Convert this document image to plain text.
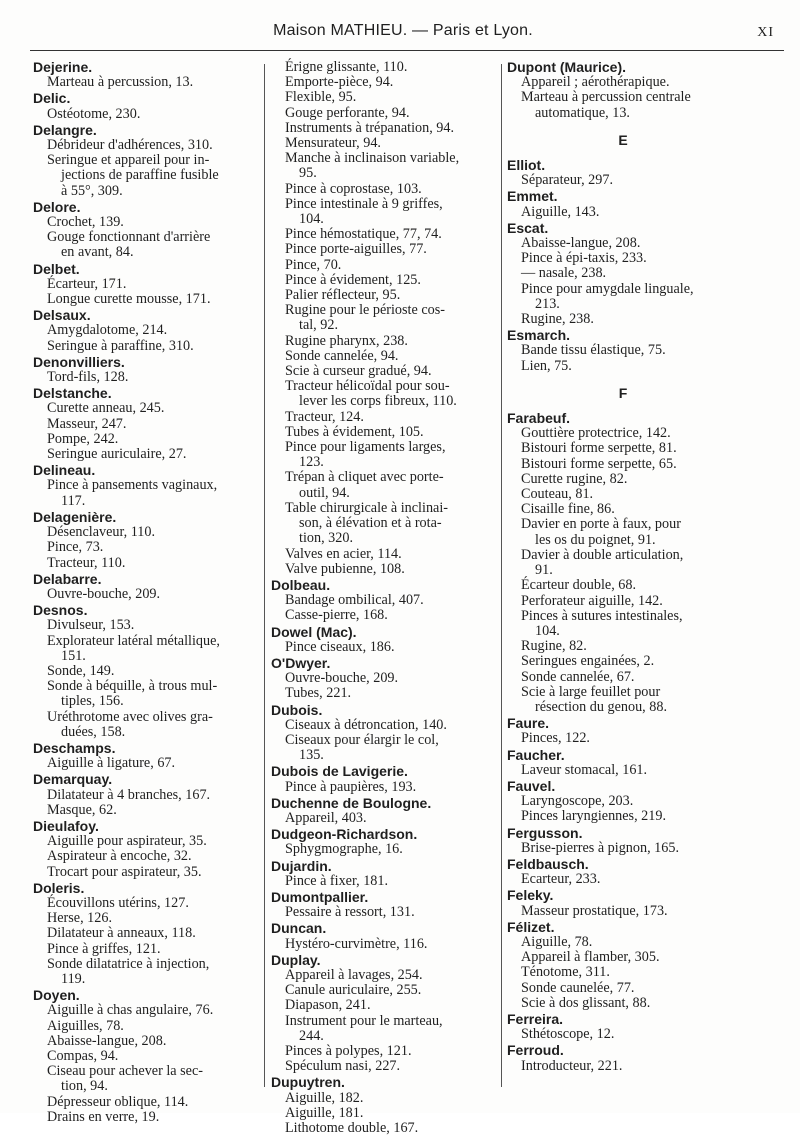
Maison MATHIEU. — Paris et Lyon.	XI
Dejerine.
Marteau à percussion, 13.
Delic.
Ostéotome, 230.
Delangre.
Débrideur d'adhérences, 310.
Seringue et appareil pour in-
jections de paraffine fusible
à 55°, 309.
Delore.
Crochet, 139.
Gouge fonctionnant d'arrière
en avant, 84.
Delbet.
Écarteur, 171.
Longue curette mousse, 171.
Delsaux.
Amygdalotome, 214.
Seringue à paraffine, 310.
Denonvilliers.
Tord-fils, 128.
Delstanche.
Curette anneau, 245.
Masseur, 247.
Pompe, 242.
Seringue auriculaire, 27.
Delineau.
Pince à pansements vaginaux,
117.
Delagenière.
Désenclaveur, 110.
Pince, 73.
Tracteur, 110.
Delabarre.
Ouvre-bouche, 209.
Desnos.
Divulseur, 153.
Explorateur latéral métallique,
151.
Sonde, 149.
Sonde à béquille, à trous mul-
tiples, 156.
Uréthrotome avec olives gra-
duées, 158.
Deschamps.
Aiguille à ligature, 67.
Demarquay.
Dilatateur à 4 branches, 167.
Masque, 62.
Dieulafoy.
Aiguille pour aspirateur, 35.
Aspirateur à encoche, 32.
Trocart pour aspirateur, 35.
Doleris.
Écouvillons utérins, 127.
Herse, 126.
Dilatateur à anneaux, 118.
Pince à griffes, 121.
Sonde dilatatrice à injection,
119.
Doyen.
Aiguille à chas angulaire, 76.
Aiguilles, 78.
Abaisse-langue, 208.
Compas, 94.
Ciseau pour achever la sec-
tion, 94.
Dépresseur oblique, 114.
Drains en verre, 19.
Érigne glissante, 110.
Emporte-pièce, 94.
Flexible, 95.
Gouge perforante, 94.
Instruments à trépanation, 94.
Mensurateur, 94.
Manche à inclinaison variable,
95.
Pince à coprostase, 103.
Pince intestinale à 9 griffes,
104.
Pince hémostatique, 77, 74.
Pince porte-aiguilles, 77.
Pince, 70.
Pince à évidement, 125.
Palier réflecteur, 95.
Rugine pour le périoste cos-
tal, 92.
Rugine pharynx, 238.
Sonde cannelée, 94.
Scie à curseur gradué, 94.
Tracteur hélicoïdal pour sou-
lever les corps fibreux, 110.
Tracteur, 124.
Tubes à évidement, 105.
Pince pour ligaments larges,
123.
Trépan à cliquet avec porte-
outil, 94.
Table chirurgicale à inclinai-
son, à élévation et à rota-
tion, 320.
Valves en acier, 114.
Valve pubienne, 108.
Dolbeau.
Bandage ombilical, 407.
Casse-pierre, 168.
Dowel (Mac).
Pince ciseaux, 186.
O'Dwyer.
Ouvre-bouche, 209.
Tubes, 221.
Dubois.
Ciseaux à détroncation, 140.
Ciseaux pour élargir le col,
135.
Dubois de Lavigerie.
Pince à paupières, 193.
Duchenne de Boulogne.
Appareil, 403.
Dudgeon-Richardson.
Sphygmographe, 16.
Dujardin.
Pince à fixer, 181.
Dumontpallier.
Pessaire à ressort, 131.
Duncan.
Hystéro-curvimètre, 116.
Duplay.
Appareil à lavages, 254.
Canule auriculaire, 255.
Diapason, 241.
Instrument pour le marteau,
244.
Pinces à polypes, 121.
Spéculum nasi, 227.
Dupuytren.
Aiguille, 182.
Aiguille, 181.
Lithotome double, 167.
Dupont (Maurice).
Appareil ; aérothérapique.
Marteau à percussion centrale
automatique, 13.
E
Elliot.
Séparateur, 297.
Emmet.
Aiguille, 143.
Escat.
Abaisse-langue, 208.
Pince à épi-taxis, 233.
— nasale, 238.
Pince pour amygdale linguale,
213.
Rugine, 238.
Esmarch.
Bande tissu élastique, 75.
Lien, 75.
F
Farabeuf.
Gouttière protectrice, 142.
Bistouri forme serpette, 81.
Bistouri forme serpette, 65.
Curette rugine, 82.
Couteau, 81.
Cisaille fine, 86.
Davier en porte à faux, pour
les os du poignet, 91.
Davier à double articulation,
91.
Écarteur double, 68.
Perforateur aiguille, 142.
Pinces à sutures intestinales,
104.
Rugine, 82.
Seringues engainées, 2.
Sonde cannelée, 67.
Scie à large feuillet pour
résection du genou, 88.
Faure.
Pinces, 122.
Faucher.
Laveur stomacal, 161.
Fauvel.
Laryngoscope, 203.
Pinces laryngiennes, 219.
Fergusson.
Brise-pierres à pignon, 165.
Feldbausch.
Ecarteur, 233.
Feleky.
Masseur prostatique, 173.
Félizet.
Aiguille, 78.
Appareil à flamber, 305.
Ténotome, 311.
Sonde caunelée, 77.
Scie à dos glissant, 88.
Ferreira.
Sthétoscope, 12.
Ferroud.
Introducteur, 221.
